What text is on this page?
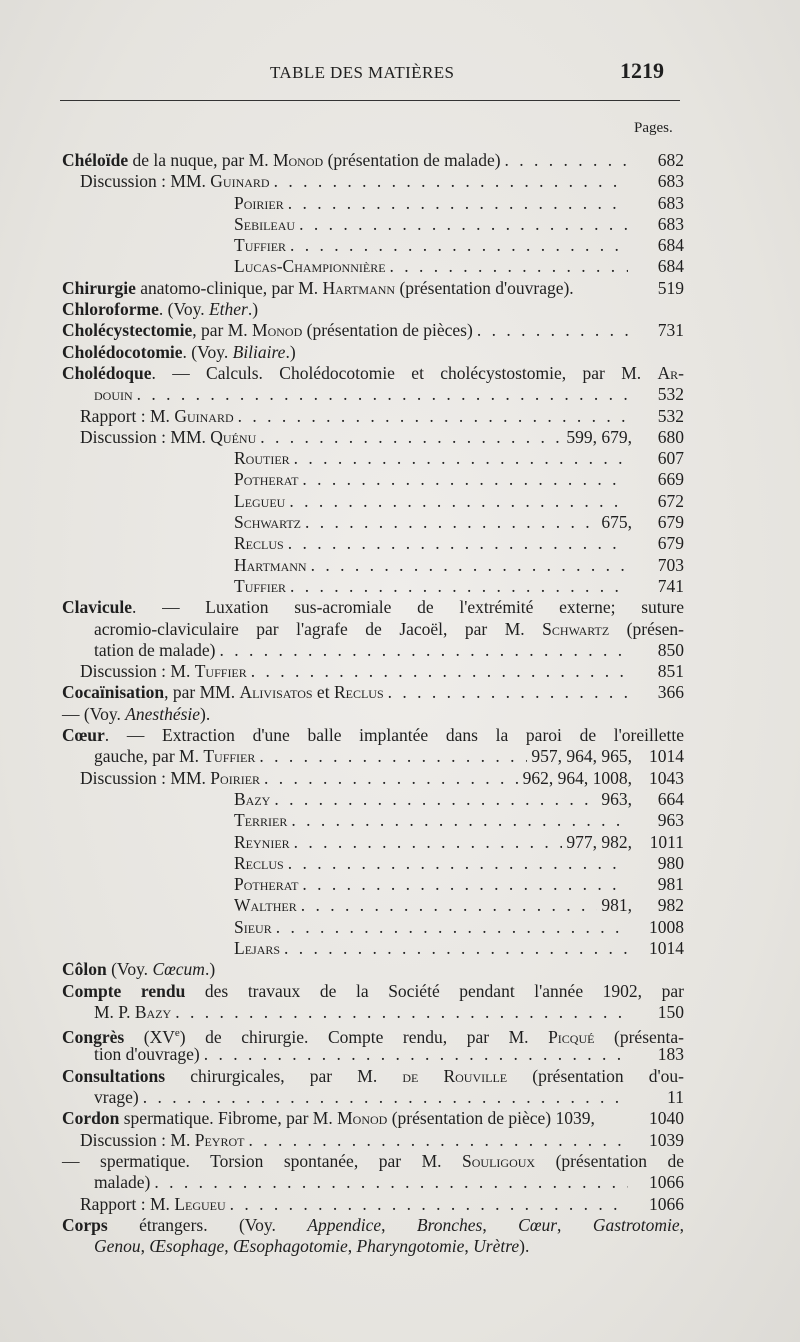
TABLE DES MATIÈRES	1219
Pages.
Chéloïde de la nuque, par M. Monod (présentation de malade) . . .	682
Discussion : MM. Guinard . . .	683
Poirier . . .	683
Sebileau . . .	683
Tuffier . . .	684
Lucas-Championnière . . .	684
Chirurgie anatomo-clinique, par M. Hartmann (présentation d'ouvrage).	519
Chloroforme. (Voy. Ether.)
Cholécystectomie, par M. Monod (présentation de pièces) . . .	731
Cholédocotomie. (Voy. Biliaire.)
Cholédoque. — Calculs. Cholédocotomie et cholécystostomie, par M. Ar-
douin . . .	532
Rapport : M. Guinard . . .	532
Discussion : MM. Quénu . . .	599, 679,	680
Routier . . .	607
Potherat . . .	669
Legueu . . .	672
Schwartz . . .	675,	679
Reclus . . .	679
Hartmann . . .	703
Tuffier . . .	741
Clavicule. — Luxation sus-acromiale de l'extrémité externe; suture
acromio-claviculaire par l'agrafe de Jacoël, par M. Schwartz (présen-
tation de malade) . . .	850
Discussion : M. Tuffier . . .	851
Cocaïnisation, par MM. Alivisatos et Reclus . . .	366
— (Voy. Anesthésie).
Cœur. — Extraction d'une balle implantée dans la paroi de l'oreillette
gauche, par M. Tuffier . . .	957, 964, 965, 1014
Discussion : MM. Poirier . . .	962, 964, 1008, 1043
Bazy . . .	963,	664
Terrier . . .	963
Reynier . . .	977, 982,	1011
Reclus . . .	980
Potherat . . .	981
Walther . . .	981,	982
Sieur . . .	1008
Lejars . . .	1014
Côlon (Voy. Cœcum.)
Compte rendu des travaux de la Société pendant l'année 1902, par
M. P. Bazy . . .	150
Congrès (XVe) de chirurgie. Compte rendu, par M. Picqué (présenta-
tion d'ouvrage) . . .	183
Consultations chirurgicales, par M. de Rouville (présentation d'ou-
vrage) . . .	11
Cordon spermatique. Fibrome, par M. Monod (présentation de pièce) 1039,	1040
Discussion : M. Peyrot . . .	1039
— spermatique. Torsion spontanée, par M. Souligoux (présentation de
malade) . . .	1066
Rapport : M. Legueu . . .	1066
Corps étrangers. (Voy. Appendice, Bronches, Cœur, Gastrotomie,
Genou, Œsophage, Œsophagotomie, Pharyngotomie, Urètre).
